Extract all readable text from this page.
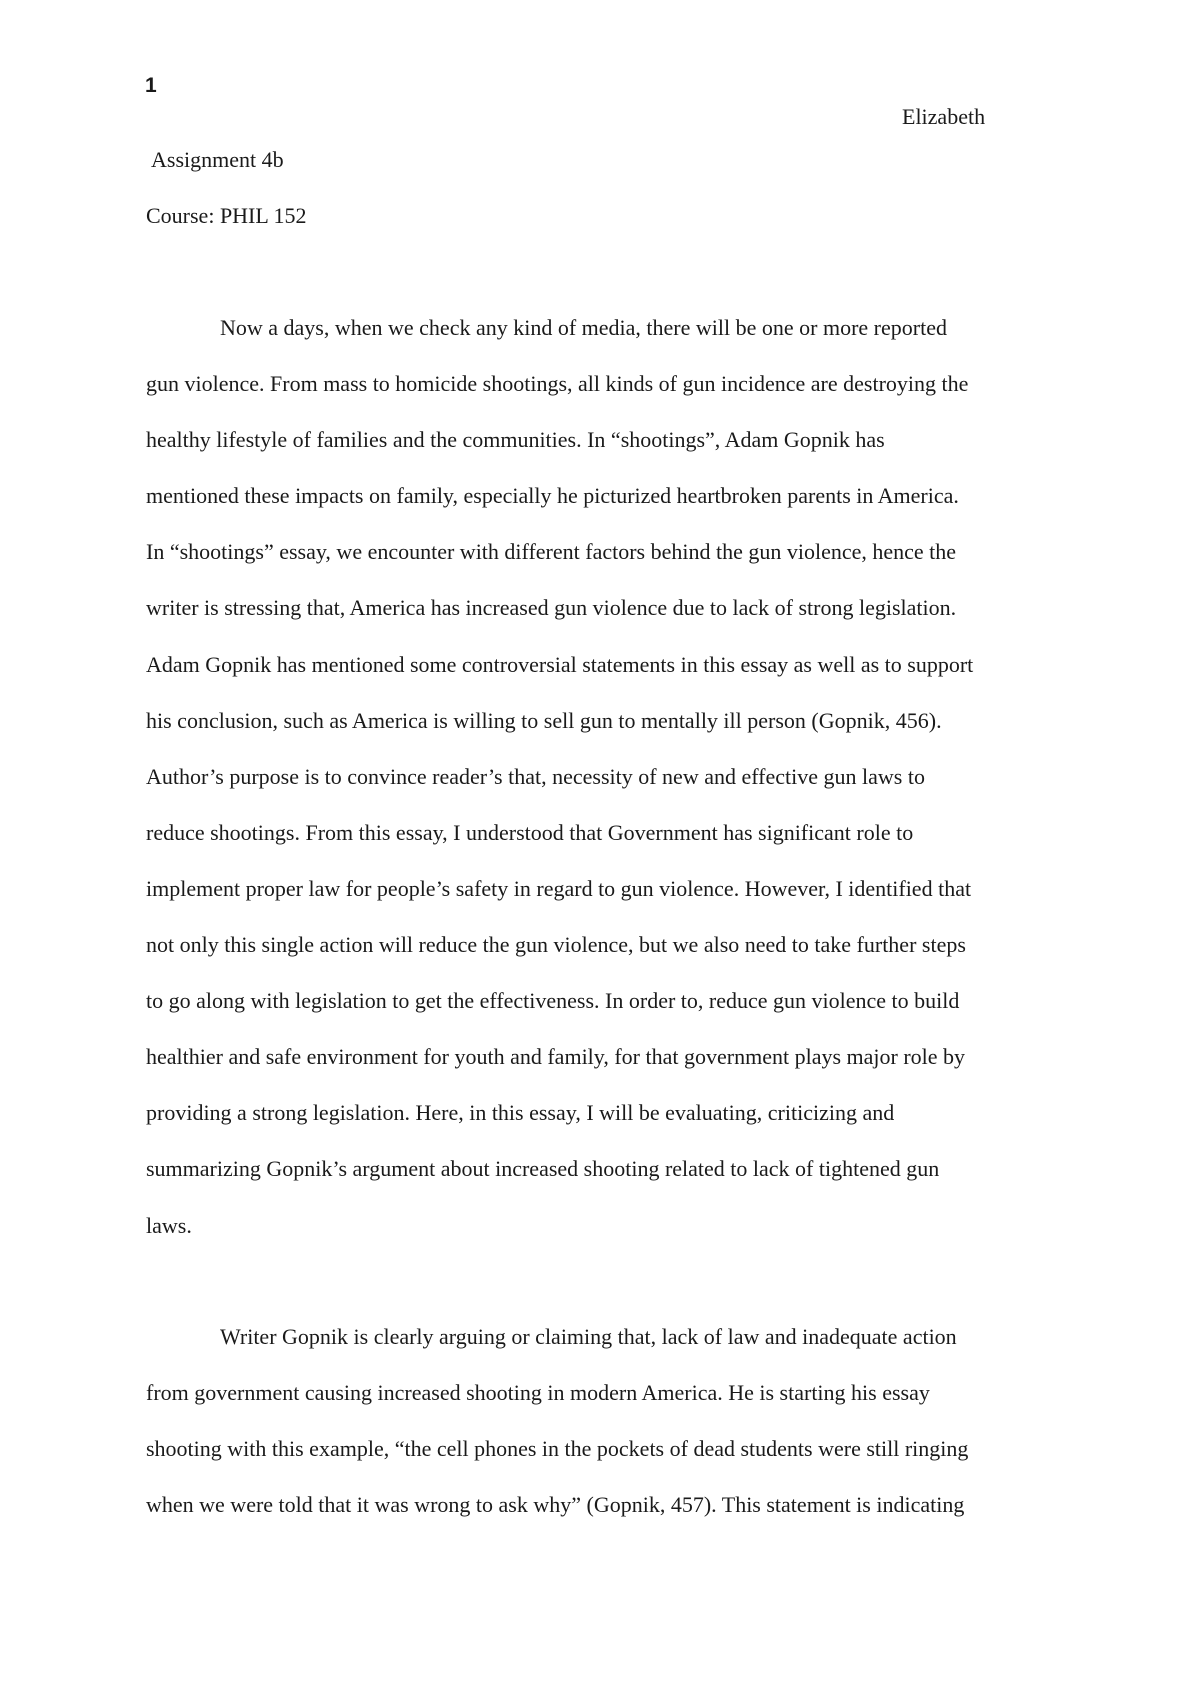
1
Elizabeth
Assignment 4b
Course: PHIL 152
Now a days, when we check any kind of media, there will be one or more reported
gun violence. From mass to homicide shootings, all kinds of gun incidence are destroying the
healthy lifestyle of families and the communities. In “shootings”, Adam Gopnik has
mentioned these impacts on family, especially he picturized heartbroken parents in America.
In “shootings” essay, we encounter with different factors behind the gun violence, hence the
writer is stressing that, America has increased gun violence due to lack of strong legislation.
Adam Gopnik has mentioned some controversial statements in this essay as well as to support
his conclusion, such as America is willing to sell gun to mentally ill person (Gopnik, 456).
Author’s purpose is to convince reader’s that, necessity of new and effective gun laws to
reduce shootings. From this essay, I understood that Government has significant role to
implement proper law for people’s safety in regard to gun violence. However, I identified that
not only this single action will reduce the gun violence, but we also need to take further steps
to go along with legislation to get the effectiveness. In order to, reduce gun violence to build
healthier and safe environment for youth and family, for that government plays major role by
providing a strong legislation. Here, in this essay, I will be evaluating, criticizing and
summarizing Gopnik’s argument about increased shooting related to lack of tightened gun
laws.
Writer Gopnik is clearly arguing or claiming that, lack of law and inadequate action
from government causing increased shooting in modern America. He is starting his essay
shooting with this example, “the cell phones in the pockets of dead students were still ringing
when we were told that it was wrong to ask why” (Gopnik, 457). This statement is indicating
